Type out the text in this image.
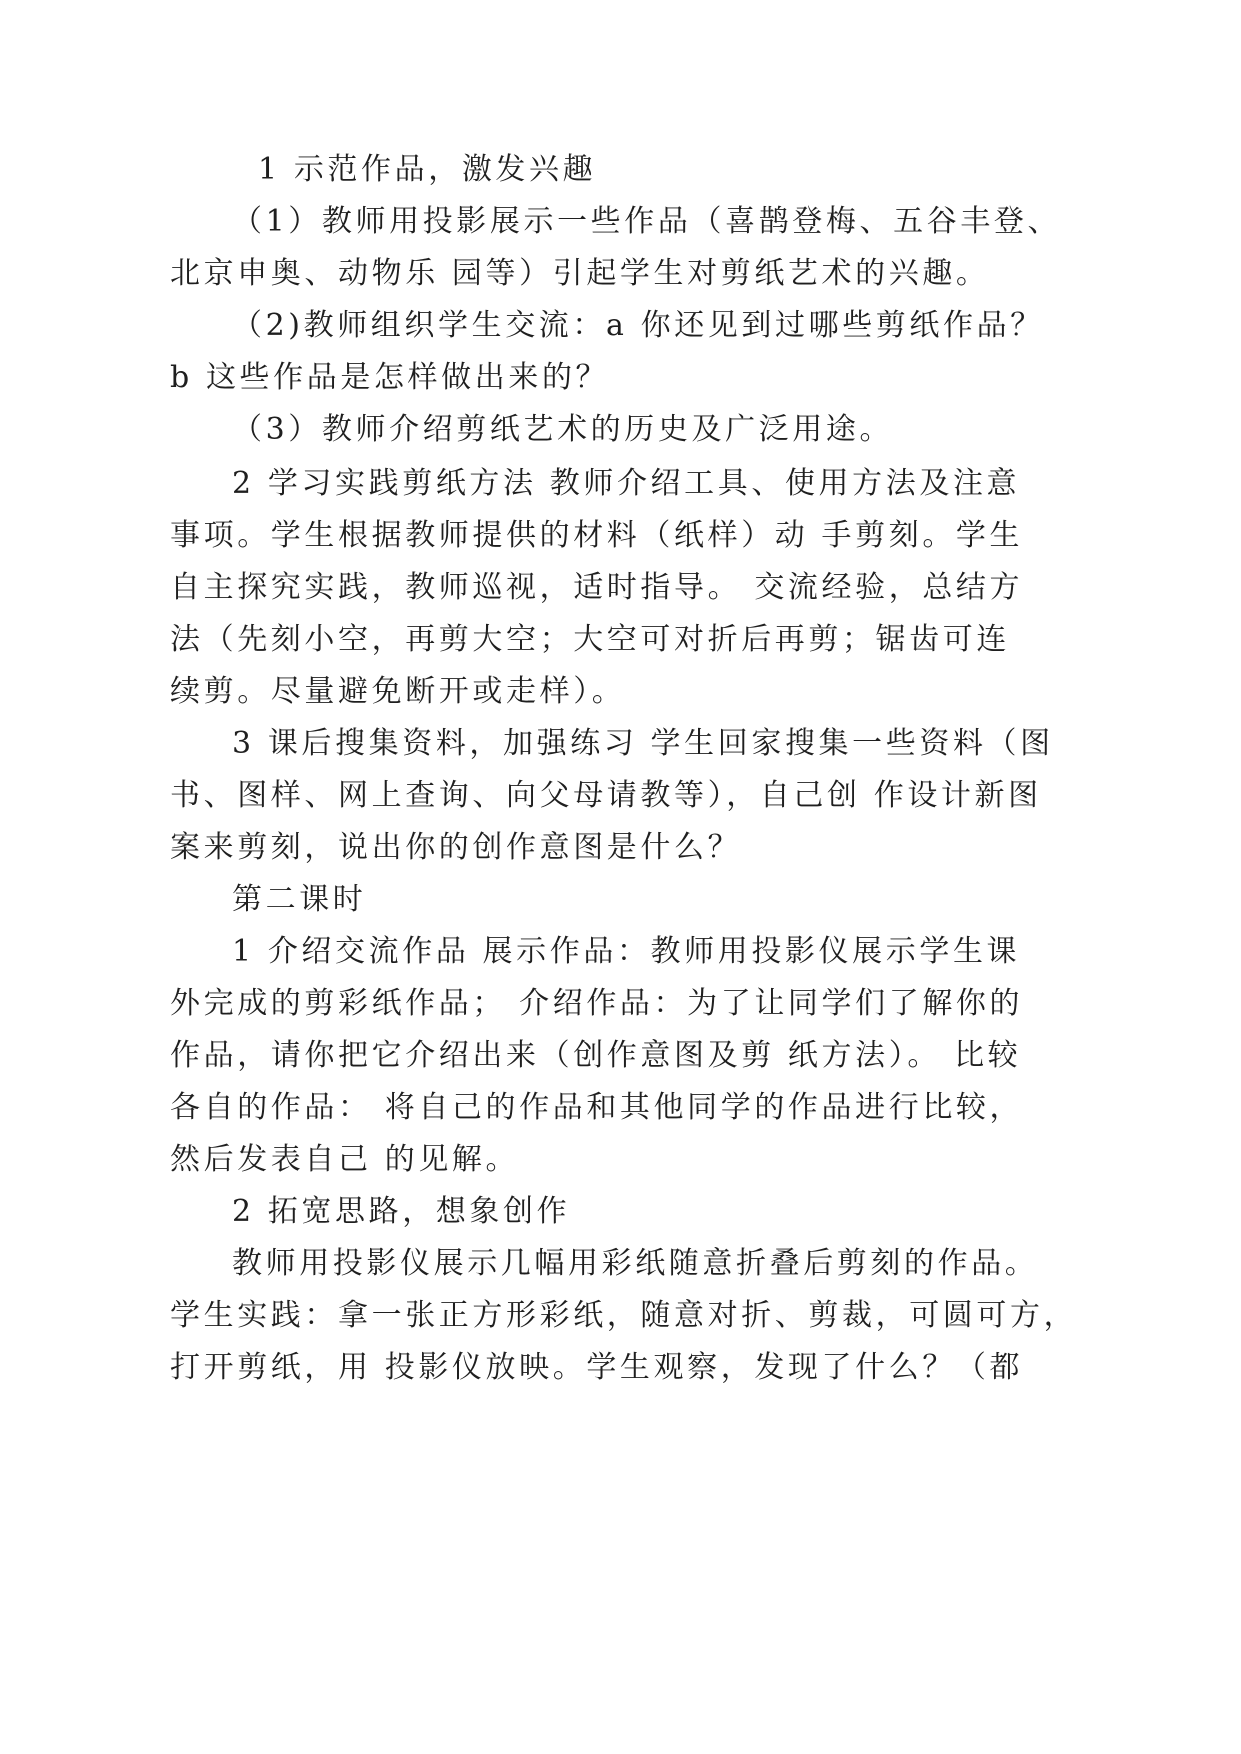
1 示范作品，激发兴趣
（1）教师用投影展示一些作品（喜鹊登梅、五谷丰登、
北京申奥、动物乐 园等）引起学生对剪纸艺术的兴趣。
（2)教师组织学生交流：a 你还见到过哪些剪纸作品？
b 这些作品是怎样做出来的？
（3）教师介绍剪纸艺术的历史及广泛用途。
2 学习实践剪纸方法 教师介绍工具、使用方法及注意
事项。学生根据教师提供的材料（纸样）动 手剪刻。学生
自主探究实践，教师巡视，适时指导。 交流经验，总结方
法（先刻小空，再剪大空；大空可对折后再剪；锯齿可连
续剪。尽量避免断开或走样）。
3 课后搜集资料，加强练习 学生回家搜集一些资料（图
书、图样、网上查询、向父母请教等），自己创 作设计新图
案来剪刻，说出你的创作意图是什么？
第二课时
1 介绍交流作品 展示作品：教师用投影仪展示学生课
外完成的剪彩纸作品； 介绍作品：为了让同学们了解你的
作品，请你把它介绍出来（创作意图及剪 纸方法）。 比较
各自的作品： 将自己的作品和其他同学的作品进行比较，
然后发表自己 的见解。
2 拓宽思路，想象创作
教师用投影仪展示几幅用彩纸随意折叠后剪刻的作品。
学生实践：拿一张正方形彩纸，随意对折、剪裁，可圆可方，
打开剪纸，用 投影仪放映。学生观察，发现了什么？（都
